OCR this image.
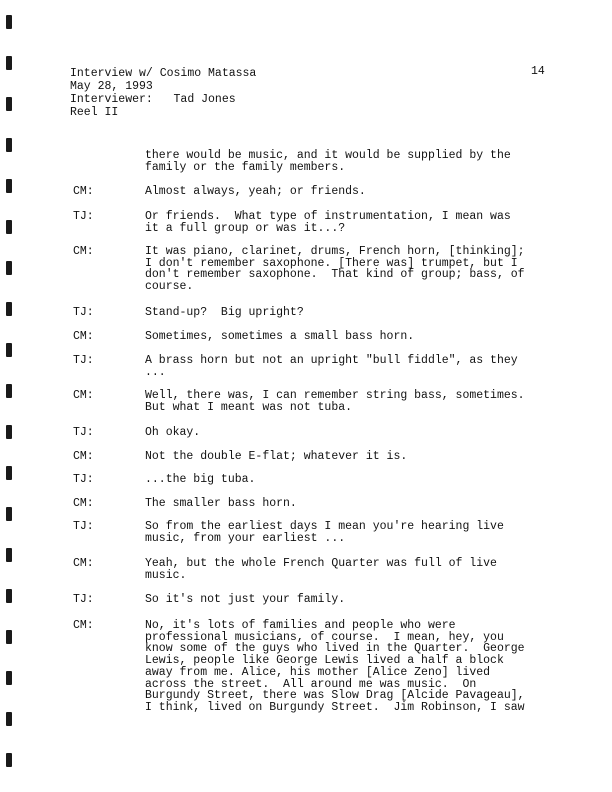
Interview w/ Cosimo Matassa
May 28, 1993
Interviewer:   Tad Jones
Reel II
14
there would be music, and it would be supplied by the
family or the family members.
CM:	Almost always, yeah; or friends.
TJ:	Or friends.  What type of instrumentation, I mean was
it a full group or was it...?
CM:	It was piano, clarinet, drums, French horn, [thinking];
I don't remember saxophone. [There was] trumpet, but I
don't remember saxophone.  That kind of group; bass, of
course.
TJ:	Stand-up?  Big upright?
CM:	Sometimes, sometimes a small bass horn.
TJ:	A brass horn but not an upright "bull fiddle", as they
...
CM:	Well, there was, I can remember string bass, sometimes.
But what I meant was not tuba.
TJ:	Oh okay.
CM:	Not the double E-flat; whatever it is.
TJ:	...the big tuba.
CM:	The smaller bass horn.
TJ:	So from the earliest days I mean you're hearing live
music, from your earliest ...
CM:	Yeah, but the whole French Quarter was full of live
music.
TJ:	So it's not just your family.
CM:	No, it's lots of families and people who were
professional musicians, of course.  I mean, hey, you
know some of the guys who lived in the Quarter.  George
Lewis, people like George Lewis lived a half a block
away from me. Alice, his mother [Alice Zeno] lived
across the street.  All around me was music.  On
Burgundy Street, there was Slow Drag [Alcide Pavageau],
I think, lived on Burgundy Street.  Jim Robinson, I saw
